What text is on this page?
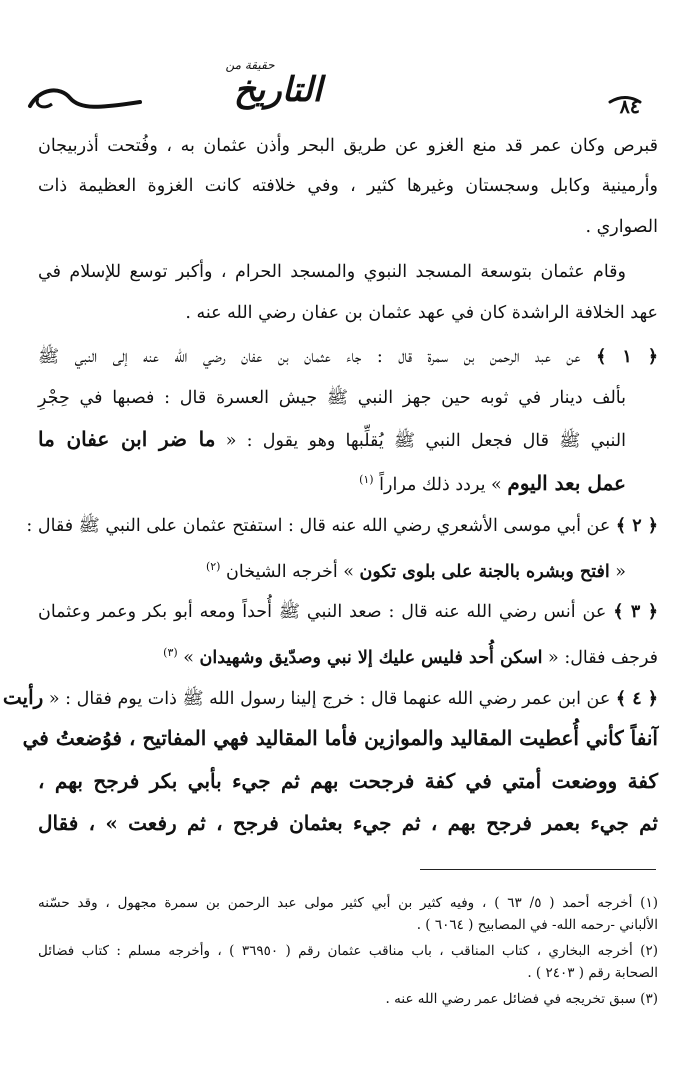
حقيقة من
التاريخ	٨٤
قبرص وكان عمر قد منع الغزو عن طريق البحر وأذن عثمان به ، وفُتحت أذربيجان
وأرمينية وكابل وسجستان وغيرها كثير ، وفي خلافته كانت الغزوة العظيمة ذات
الصواري .
وقام عثمان بتوسعة المسجد النبوي والمسجد الحرام ، وأكبر توسع للإسلام في
عهد الخلافة الراشدة كان في عهد عثمان بن عفان رضي الله عنه .
﴿ ١ ﴾ عن عبد الرحمن بن سمرة قال : جاء عثمان بن عفان رضي الله عنه إلى النبي ﷺ
بألف دينار في ثوبه حين جهز النبي ﷺ جيش العسرة قال : فصبها في حِجْرِ
النبي ﷺ قال فجعل النبي ﷺ يُقلِّبها وهو يقول : « ما ضر ابن عفان ما
عمل بعد اليوم » يردد ذلك مراراً $^{(١)}$
﴿ ٢ ﴾ عن أبي موسى الأشعري رضي الله عنه قال : استفتح عثمان على النبي ﷺ فقال :
« افتح وبشره بالجنة على بلوى تكون » أخرجه الشيخان $^{(٢)}$
﴿ ٣ ﴾ عن أنس رضي الله عنه قال : صعد النبي ﷺ أُحداً ومعه أبو بكر وعمر وعثمان
فرجف فقال: « اسكن أُحد فليس عليك إلا نبي وصدّيق وشهيدان » $^{(٣)}$
﴿ ٤ ﴾ عن ابن عمر رضي الله عنهما قال : خرج إلينا رسول الله ﷺ ذات يوم فقال : « رأيت
آنفاً كأني أُعطيت المقاليد والموازين فأما المقاليد فهي المفاتيح ، فوُضعتُ في
كفة ووضعت أمتي في كفة فرجحت بهم ثم جيء بأبي بكر فرجح بهم ،
ثم جيء بعمر فرجح بهم ، ثم جيء بعثمان فرجح ، ثم رفعت » ، فقال
(١) أخرجه أحمد ( ٥/ ٦٣ ) ، وفيه كثير بن أبي كثير مولى عبد الرحمن بن سمرة مجهول ، وقد حسّنه
الألباني -رحمه الله- في المصابيح ( ٦٠٦٤ ) .
(٢) أخرجه البخاري ، كتاب المناقب ، باب مناقب عثمان رقم ( ٣٦٩٥٠ ) ، وأخرجه مسلم : كتاب فضائل
الصحابة رقم ( ٢٤٠٣ ) .
(٣) سبق تخريجه في فضائل عمر رضي الله عنه .
